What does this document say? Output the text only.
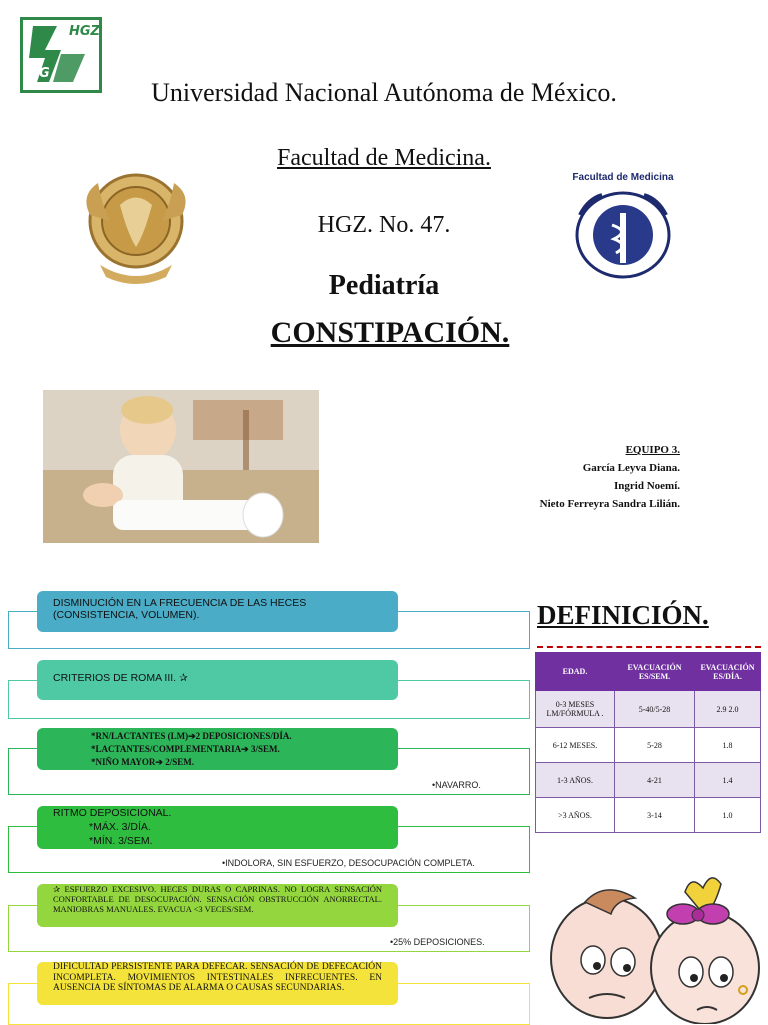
HGZ
VG
Universidad Nacional Autónoma de México.
Facultad de Medicina.
HGZ. No. 47.
Pediatría
CONSTIPACIÓN.
Facultad de Medicina
EQUIPO 3.
García Leyva Diana.
Ingrid Noemí.
Nieto Ferreyra Sandra Lilián.
DISMINUCIÓN EN LA FRECUENCIA DE LAS HECES (CONSISTENCIA, VOLUMEN).
CRITERIOS DE ROMA III. ✰
*RN/LACTANTES (LM)➔2 DEPOSICIONES/DÍA.
*LACTANTES/COMPLEMENTARIA➔ 3/SEM.
*NIÑO MAYOR➔ 2/SEM.
•NAVARRO.
RITMO DEPOSICIONAL.
*MÁX. 3/DÍA.
*MÍN. 3/SEM.
•INDOLORA, SIN ESFUERZO, DESOCUPACIÓN COMPLETA.
✰ ESFUERZO EXCESIVO. HECES DURAS O CAPRINAS. NO LOGRA SENSACIÓN CONFORTABLE DE DESOCUPACIÓN. SENSACIÓN OBSTRUCCIÓN ANORRECTAL. MANIOBRAS MANUALES. EVACUA <3 VECES/SEM.
•25% DEPOSICIONES.
DIFICULTAD PERSISTENTE PARA DEFECAR. SENSACIÓN DE DEFECACIÓN INCOMPLETA. MOVIMIENTOS INTESTINALES INFRECUENTES. EN AUSENCIA DE SÍNTOMAS DE ALARMA O CAUSAS SECUNDARIAS.
DEFINICIÓN.
EDAD.	EVACUACIÓN ES/SEM.	EVACUACIÓN ES/DÍA.
0-3 MESES LM/FÓRMULA .	5-40/5-28	2.9 2.0
6-12 MESES.	5-28	1.8
1-3 AÑOS.	4-21	1.4
>3 AÑOS.	3-14	1.0
